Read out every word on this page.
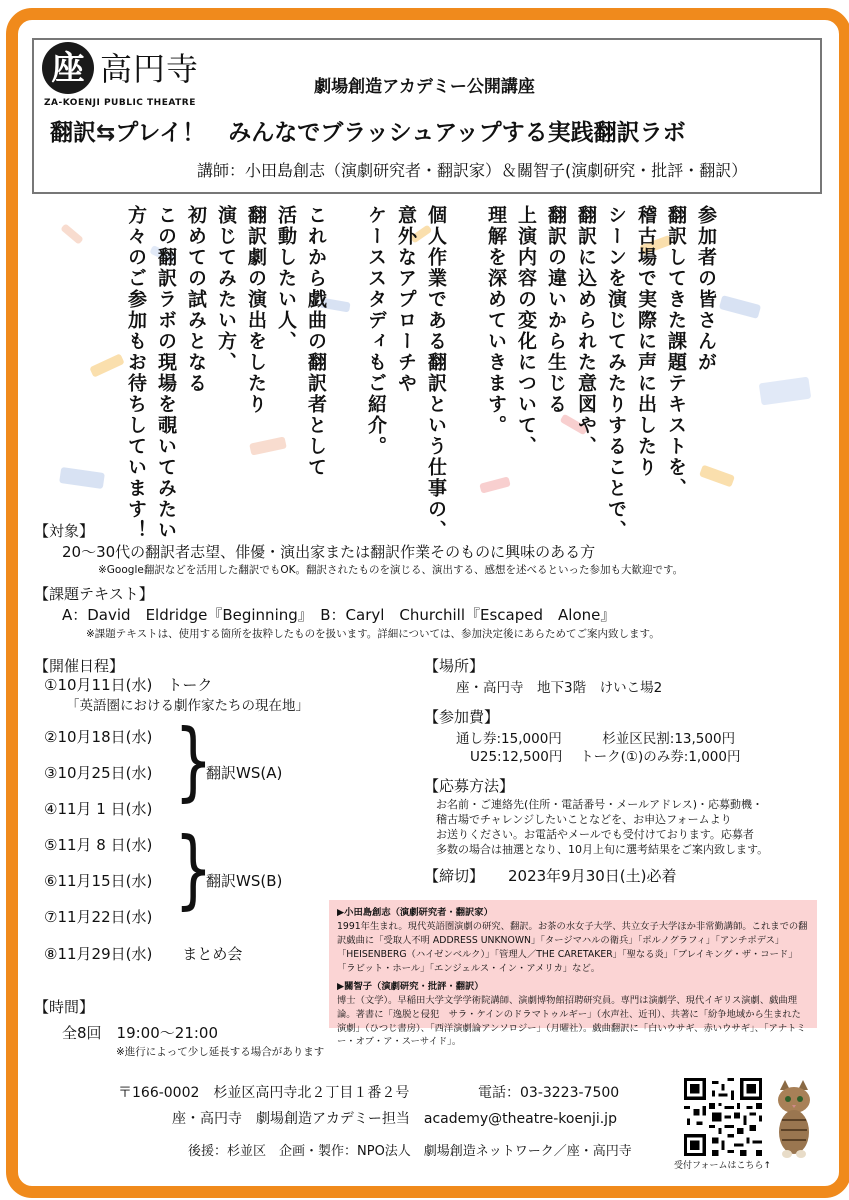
座 高円寺
ZA-KOENJI PUBLIC THEATRE
劇場創造アカデミー公開講座
翻訳⇆プレイ！　みんなでブラッシュアップする実践翻訳ラボ
講師：小田島創志（演劇研究者・翻訳家）＆關智子(演劇研究・批評・翻訳）
参加者の皆さんが
翻訳してきた課題テキストを、
稽古場で実際に声に出したり
シーンを演じてみたりすることで、
翻訳に込められた意図や、
翻訳の違いから生じる
上演内容の変化について、
理解を深めていきます。
個人作業である翻訳という仕事の、
意外なアプローチや
ケーススタディもご紹介。
これから戯曲の翻訳者として
活動したい人、
翻訳劇の演出をしたり
演じてみたい方、
初めての試みとなる
この翻訳ラボの現場を覗いてみたい
方々のご参加もお待ちしています！
【対象】
20～30代の翻訳者志望、俳優・演出家または翻訳作業そのものに興味のある方
※Google翻訳などを活用した翻訳でもOK。翻訳されたものを演じる、演出する、感想を述べるといった参加も大歓迎です。
【課題テキスト】
A：David　Eldridge『Beginning』　B：Caryl　Churchill『Escaped　Alone』
※課題テキストは、使用する箇所を抜粋したものを扱います。詳細については、参加決定後にあらためてご案内致します。
【開催日程】
①10月11日(水)　トーク
「英語圏における劇作家たちの現在地」
②10月18日(水)
③10月25日(水)
④11月 1 日(水) }
翻訳WS(A)
⑤11月 8 日(水)
⑥11月15日(水)
⑦11月22日(水) }
翻訳WS(B)
⑧11月29日(水)　　まとめ会
【時間】
全8回　19:00～21:00
※進行によって少し延長する場合があります
【場所】
座・高円寺　地下3階　けいこ場2
【参加費】
通し券:15,000円　　　杉並区民割:13,500円
U25:12,500円　 トーク(①)のみ券:1,000円
【応募方法】
お名前・ご連絡先(住所・電話番号・メールアドレス)・応募動機・
稽古場でチャレンジしたいことなどを、お申込フォームより
お送りください。お電話やメールでも受付けております。応募者
多数の場合は抽選となり、10月上旬に選考結果をご案内致します。
【締切】 2023年9月30日(土)必着

▶小田島創志（演劇研究者・翻訳家）
1991年生まれ。現代英語圏演劇の研究、翻訳。お茶の水女子大学、共立女子大学ほか非常勤講師。これまでの翻訳戯曲に「受取人不明 ADDRESS UNKNOWN」「タージマハルの衛兵」「ポルノグラフィ」「アンチポデス」「HEISENBERG（ハイゼンベルク）」「管理人／THE CARETAKER」「聖なる炎」「ブレイキング・ザ・コード」「ラビット・ホール」「エンジェルス・イン・アメリカ」など。

▶關智子（演劇研究・批評・翻訳）
博士（文学）。早稲田大学文学学術院講師、演劇博物館招聘研究員。専門は演劇学、現代イギリス演劇、戯曲理論。著書に「逸脱と侵犯　サラ・ケインのドラマトゥルギー」（水声社、近刊）、共著に「紛争地域から生まれた演劇」（ひつじ書房）、「西洋演劇論アンソロジー」（月曜社）。戯曲翻訳に「白いウサギ、赤いウサギ」、「アナトミー・オブ・ア・スーサイド」。

〒166-0002　杉並区高円寺北２丁目１番２号	電話：03-3223-7500
座・高円寺　劇場創造アカデミー担当　academy@theatre-koenji.jp
後援：杉並区　企画・製作：NPO法人　劇場創造ネットワーク／座・高円寺
受付フォームはこちら↑
